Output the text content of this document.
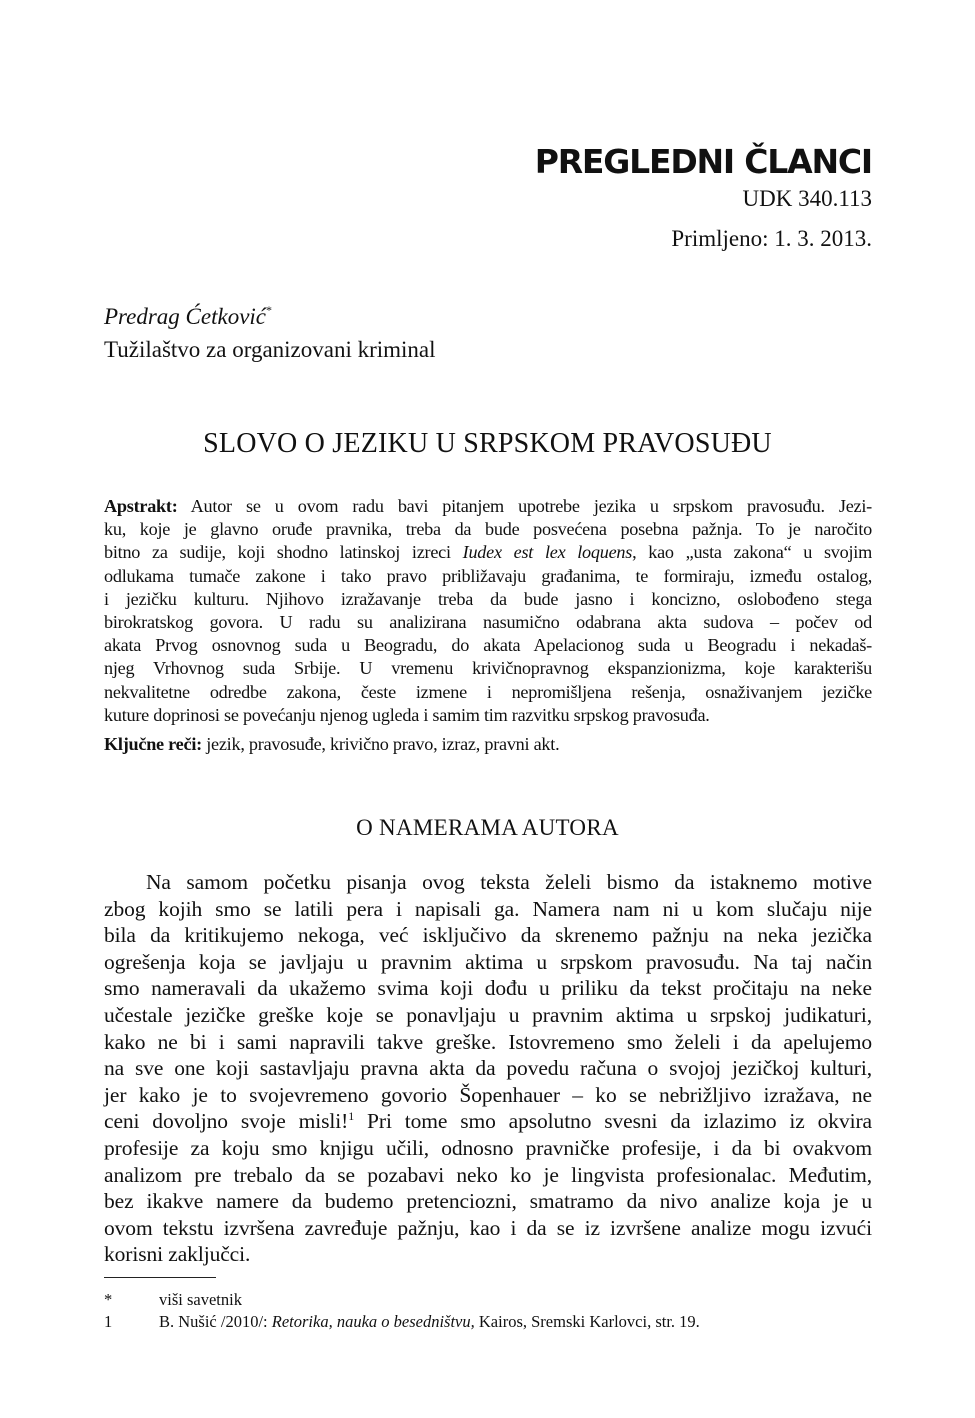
PREGLEDNI ČLANCI
UDK 340.113
Primljeno: 1. 3. 2013.
Predrag Ćetković*
Tužilaštvo za organizovani kriminal
SLOVO O JEZIKU U SRPSKOM PRAVOSUĐU
Apstrakt: Autor se u ovom radu bavi pitanjem upotrebe jezika u srpskom pravosuđu. Jezi-
ku, koje je glavno oruđe pravnika, treba da bude posvećena posebna pažnja. To je naročito
bitno za sudije, koji shodno latinskoj izreci Iudex est lex loquens, kao „usta zakona“ u svojim
odlukama tumače zakone i tako pravo približavaju građanima, te formiraju, između ostalog,
i jezičku kulturu. Njihovo izražavanje treba da bude jasno i koncizno, oslobođeno stega
birokratskog govora. U radu su analizirana nasumično odabrana akta sudova – počev od
akata Prvog osnovnog suda u Beogradu, do akata Apelacionog suda u Beogradu i nekadaš-
njeg Vrhovnog suda Srbije. U vremenu krivičnopravnog ekspanzionizma, koje karakterišu
nekvalitetne odredbe zakona, česte izmene i nepromišljena rešenja, osnaživanjem jezičke
kuture doprinosi se povećanju njenog ugleda i samim tim razvitku srpskog pravosuđa.
Ključne reči: jezik, pravosuđe, krivično pravo, izraz, pravni akt.
O NAMERAMA AUTORA
Na samom početku pisanja ovog teksta želeli bismo da istaknemo motive
zbog kojih smo se latili pera i napisali ga. Namera nam ni u kom slučaju nije
bila da kritikujemo nekoga, već isključivo da skrenemo pažnju na neka jezička
ogrešenja koja se javljaju u pravnim aktima u srpskom pravosuđu. Na taj način
smo nameravali da ukažemo svima koji dođu u priliku da tekst pročitaju na neke
učestale jezičke greške koje se ponavljaju u pravnim aktima u srpskoj judikaturi,
kako ne bi i sami napravili takve greške. Istovremeno smo želeli i da apelujemo
na sve one koji sastavljaju pravna akta da povedu računa o svojoj jezičkoj kulturi,
jer kako je to svojevremeno govorio Šopenhauer – ko se nebrižljivo izražava, ne
ceni dovoljno svoje misli!$^1$ Pri tome smo apsolutno svesni da izlazimo iz okvira
profesije za koju smo knjigu učili, odnosno pravničke profesije, i da bi ovakvom
analizom pre trebalo da se pozabavi neko ko je lingvista profesionalac. Međutim,
bez ikakve namere da budemo pretenciozni, smatramo da nivo analize koja je u
ovom tekstu izvršena zavređuje pažnju, kao i da se iz izvršene analize mogu izvući
korisni zaključci.
*	viši savetnik
1	B. Nušić /2010/: Retorika, nauka o besedništvu, Kairos, Sremski Karlovci, str. 19.
